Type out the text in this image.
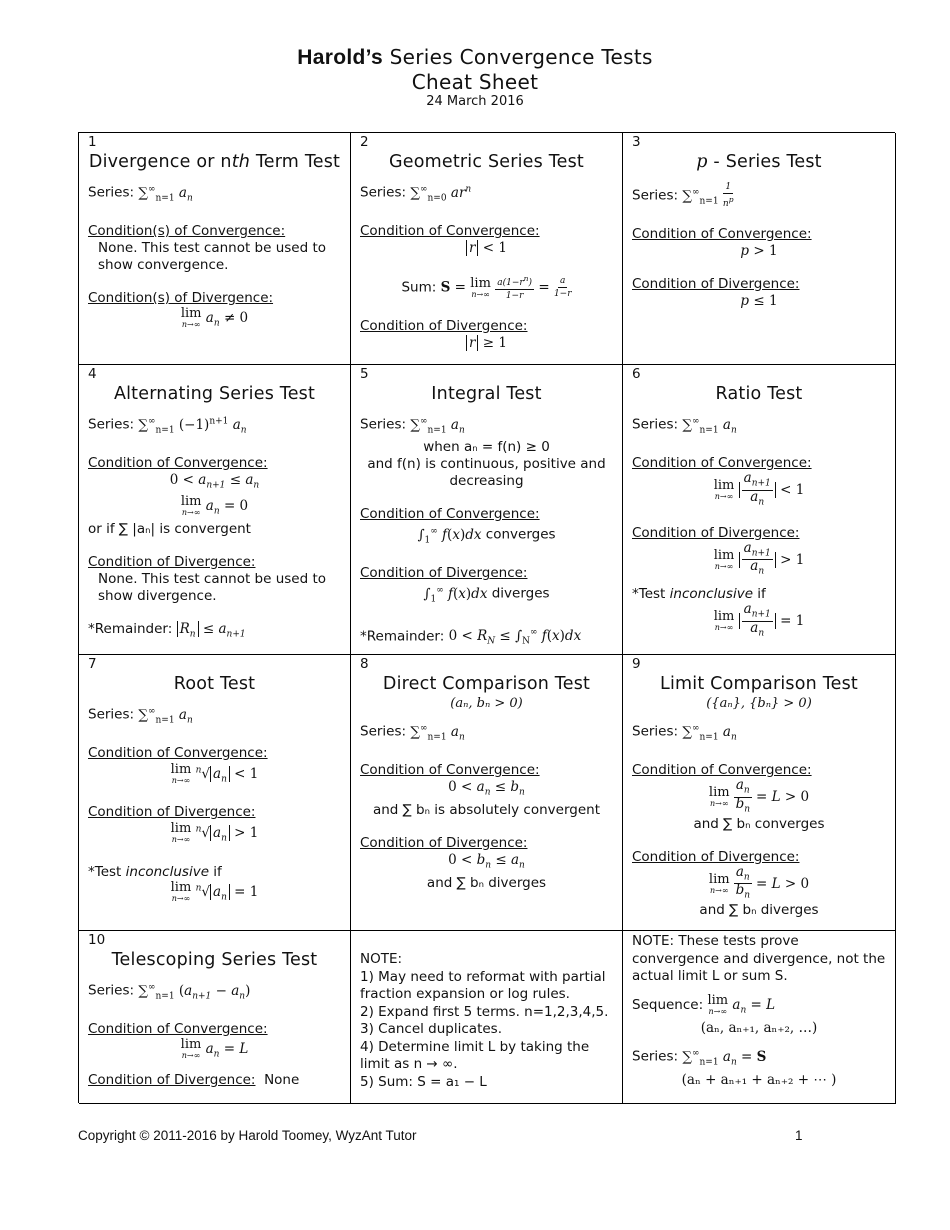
Harold’s Series Convergence Tests
Cheat Sheet
24 March 2016
1
Divergence or nth Term Test
Series: $\sum^\infty_{n=1}$ $a_n$
Condition(s) of Convergence:
None. This test cannot be used to show convergence.
Condition(s) of Divergence:
lim
n→∞ $a_n \ne 0$
2
Geometric Series Test
Series: $\sum^\infty_{n=0}$ $ar^n$
Condition of Convergence:
r < 1
Sum: S = lim
n→∞
$\frac{a(1-r^n)}{1-r} = \frac{a}{1-r}$
Condition of Divergence:
r ≥ 1
3
p - Series Test
Series: $\sum^\infty_{n=1} \frac{1}{n^p}$
Condition of Convergence:
p > 1
Condition of Divergence:
p ≤ 1
4
Alternating Series Test
Series: $\sum^\infty_{n=1}$ $(-1)^{n+1}$ $a_n$
Condition of Convergence:
$0 < a_{n+1} \le a_n$
lim
n→∞ $a_n = 0$
or if ∑ |aₙ| is convergent
Condition of Divergence:
None. This test cannot be used to show divergence.
*Remainder: $R_n \le a_{n+1}$
5
Integral Test
Series: $\sum^\infty_{n=1}$ $a_n$
when aₙ = f(n) ≥ 0
and f(n) is continuous, positive and decreasing
Condition of Convergence:
$\int_1^\infty$ f(x)dx converges
Condition of Divergence:
$\int_1^\infty$ f(x)dx diverges
*Remainder: $0 < R_N \le \int_N^\infty$ f(x)dx
6
Ratio Test
Series: $\sum^\infty_{n=1}$ $a_n$
Condition of Convergence:
lim
n→∞
$\frac{a_{n+1}}{a_n} < 1$
Condition of Divergence:
lim
n→∞
$\frac{a_{n+1}}{a_n} > 1$
*Test inconclusive if
lim
n→∞
$\frac{a_{n+1}}{a_n} = 1$
7
Root Test
Series: $\sum^\infty_{n=1}$ $a_n$
Condition of Convergence:
lim
n→∞
$^n$√ $a_n < 1$
Condition of Divergence:
lim
n→∞
$^n$√ $a_n > 1$
*Test inconclusive if
lim
n→∞
$^n$√ $a_n = 1$
8
Direct Comparison Test
(aₙ, bₙ > 0)
Series: $\sum^\infty_{n=1}$ $a_n$
Condition of Convergence:
$0 < a_n \le b_n$
and ∑ bₙ is absolutely convergent
Condition of Divergence:
$0 < b_n \le a_n$
and ∑ bₙ diverges
9
Limit Comparison Test
({aₙ}, {bₙ} > 0)
Series: $\sum^\infty_{n=1}$ $a_n$
Condition of Convergence:
lim
n→∞
$\frac{a_n}{b_n} = L > 0$
and ∑ bₙ converges
Condition of Divergence:
lim
n→∞
$\frac{a_n}{b_n} = L > 0$
and ∑ bₙ diverges
10
Telescoping Series Test
Series: $\sum^\infty_{n=1}$ $(a_{n+1} - a_n)$
Condition of Convergence:
lim
n→∞ $a_n = L$
Condition of Divergence: None
NOTE:
1) May need to reformat with partial fraction expansion or log rules.
2) Expand first 5 terms. n=1,2,3,4,5.
3) Cancel duplicates.
4) Determine limit L by taking the limit as n → ∞.
5) Sum: S = a₁ − L
NOTE: These tests prove convergence and divergence, not the actual limit L or sum S.
Sequence: lim
n→∞ $a_n = L$
(aₙ, aₙ₊₁, aₙ₊₂, …)
Series: $\sum^\infty_{n=1}$ $a_n = S$
(aₙ + aₙ₊₁ + aₙ₊₂ + ⋯ )
Copyright © 2011-2016 by Harold Toomey, WyzAnt Tutor	1
